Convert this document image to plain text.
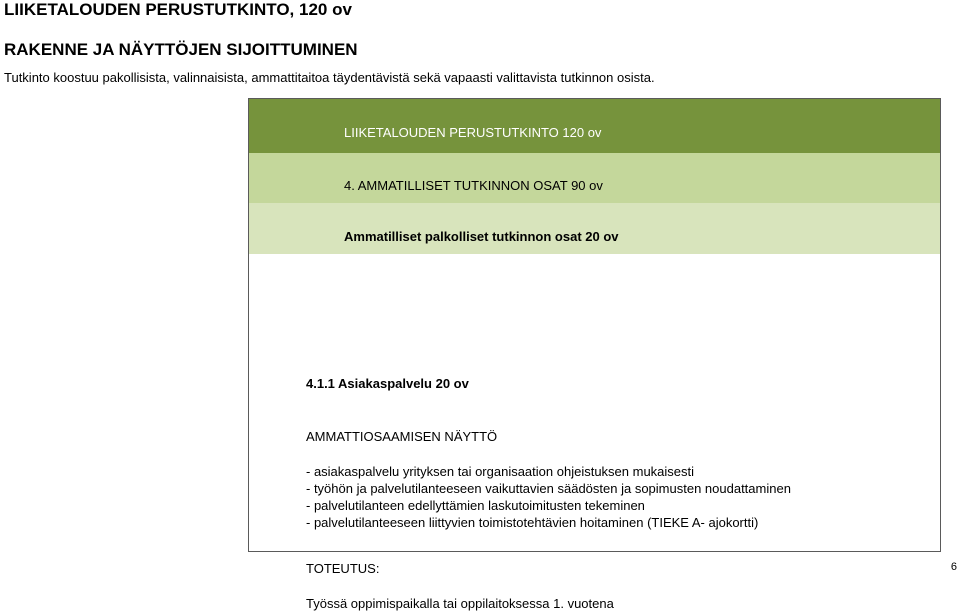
LIIKETALOUDEN PERUSTUTKINTO, 120 ov
RAKENNE JA NÄYTTÖJEN SIJOITTUMINEN
Tutkinto koostuu pakollisista, valinnaisista, ammattitaitoa täydentävistä sekä vapaasti valittavista tutkinnon osista.
LIIKETALOUDEN PERUSTUTKINTO 120 ov
4. AMMATILLISET TUTKINNON OSAT 90 ov
Ammatilliset palkolliset tutkinnon osat 20 ov
4.1.1 Asiakaspalvelu 20 ov
AMMATTIOSAAMISEN NÄYTTÖ
- asiakaspalvelu yrityksen tai organisaation ohjeistuksen mukaisesti
- työhön ja palvelutilanteeseen vaikuttavien säädösten ja sopimusten noudattaminen
- palvelutilanteen edellyttämien laskutoimitusten tekeminen
- palvelutilanteeseen liittyvien toimistotehtävien hoitaminen (TIEKE A- ajokortti)
TOTEUTUS:
Työssä oppimispaikalla tai oppilaitoksessa 1. vuotena
6
